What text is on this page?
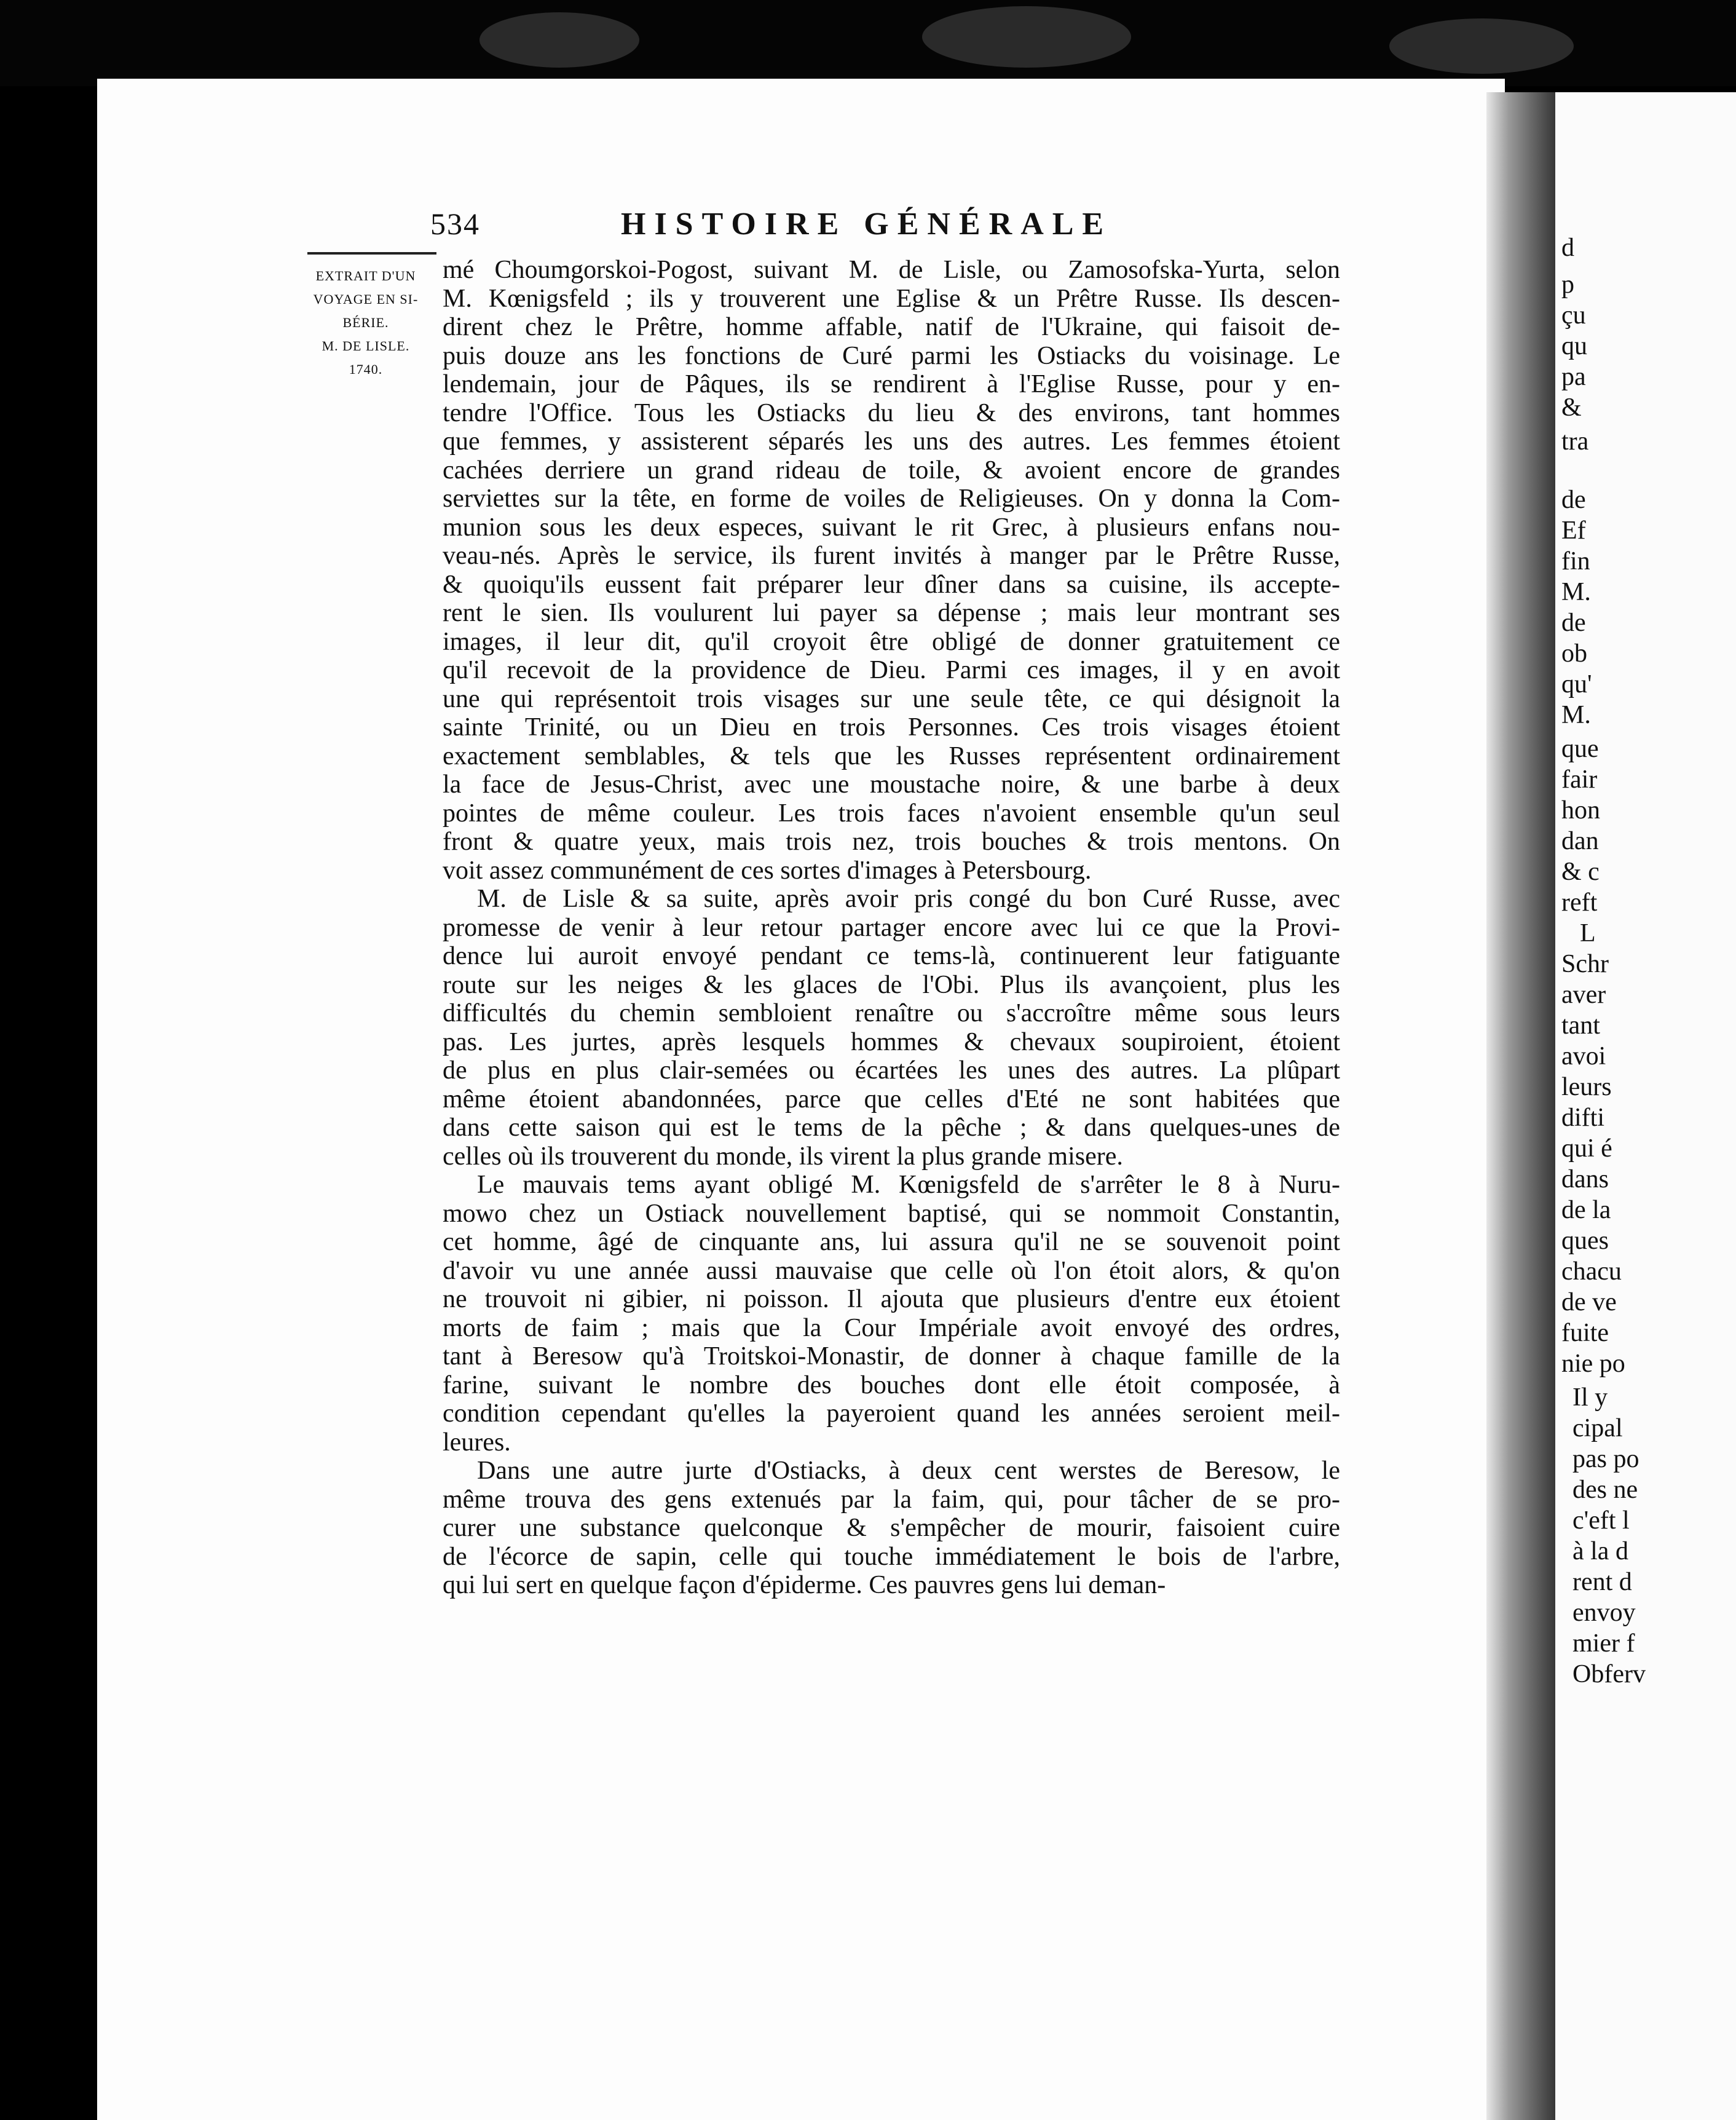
d
p
çu
qu
pa
&
tra
de
Ef
fin
M.
de
ob
qu'
M.
que
fair
hon
dan
& c
reft
L
Schr
aver
tant
avoi
leurs
difti
qui é
dans
de la
ques
chacu
de ve
fuite
nie po
Il y
cipal
pas po
des ne
c'eft l
à la d
rent d
envoy
mier f
Obferv
534	HISTOIRE GÉNÉRALE
EXTRAIT D'UN
VOYAGE EN SI-
BÉRIE.
M. DE LISLE.
1740.
mé Choumgorskoi-Pogost, suivant M. de Lisle, ou Zamosofska-Yurta, selon
M. Kœnigsfeld ; ils y trouverent une Eglise & un Prêtre Russe. Ils descen-
dirent chez le Prêtre, homme affable, natif de l'Ukraine, qui faisoit de-
puis douze ans les fonctions de Curé parmi les Ostiacks du voisinage. Le
lendemain, jour de Pâques, ils se rendirent à l'Eglise Russe, pour y en-
tendre l'Office. Tous les Ostiacks du lieu & des environs, tant hommes
que femmes, y assisterent séparés les uns des autres. Les femmes étoient
cachées derriere un grand rideau de toile, & avoient encore de grandes
serviettes sur la tête, en forme de voiles de Religieuses. On y donna la Com-
munion sous les deux especes, suivant le rit Grec, à plusieurs enfans nou-
veau-nés. Après le service, ils furent invités à manger par le Prêtre Russe,
& quoiqu'ils eussent fait préparer leur dîner dans sa cuisine, ils accepte-
rent le sien. Ils voulurent lui payer sa dépense ; mais leur montrant ses
images, il leur dit, qu'il croyoit être obligé de donner gratuitement ce
qu'il recevoit de la providence de Dieu. Parmi ces images, il y en avoit
une qui représentoit trois visages sur une seule tête, ce qui désignoit la
sainte Trinité, ou un Dieu en trois Personnes. Ces trois visages étoient
exactement semblables, & tels que les Russes représentent ordinairement
la face de Jesus-Christ, avec une moustache noire, & une barbe à deux
pointes de même couleur. Les trois faces n'avoient ensemble qu'un seul
front & quatre yeux, mais trois nez, trois bouches & trois mentons. On
voit assez communément de ces sortes d'images à Petersbourg.
M. de Lisle & sa suite, après avoir pris congé du bon Curé Russe, avec
promesse de venir à leur retour partager encore avec lui ce que la Provi-
dence lui auroit envoyé pendant ce tems-là, continuerent leur fatiguante
route sur les neiges & les glaces de l'Obi. Plus ils avançoient, plus les
difficultés du chemin sembloient renaître ou s'accroître même sous leurs
pas. Les jurtes, après lesquels hommes & chevaux soupiroient, étoient
de plus en plus clair-semées ou écartées les unes des autres. La plûpart
même étoient abandonnées, parce que celles d'Eté ne sont habitées que
dans cette saison qui est le tems de la pêche ; & dans quelques-unes de
celles où ils trouverent du monde, ils virent la plus grande misere.
Le mauvais tems ayant obligé M. Kœnigsfeld de s'arrêter le 8 à Nuru-
mowo chez un Ostiack nouvellement baptisé, qui se nommoit Constantin,
cet homme, âgé de cinquante ans, lui assura qu'il ne se souvenoit point
d'avoir vu une année aussi mauvaise que celle où l'on étoit alors, & qu'on
ne trouvoit ni gibier, ni poisson. Il ajouta que plusieurs d'entre eux étoient
morts de faim ; mais que la Cour Impériale avoit envoyé des ordres,
tant à Beresow qu'à Troitskoi-Monastir, de donner à chaque famille de la
farine, suivant le nombre des bouches dont elle étoit composée, à
condition cependant qu'elles la payeroient quand les années seroient meil-
leures.
Dans une autre jurte d'Ostiacks, à deux cent werstes de Beresow, le
même trouva des gens extenués par la faim, qui, pour tâcher de se pro-
curer une substance quelconque & s'empêcher de mourir, faisoient cuire
de l'écorce de sapin, celle qui touche immédiatement le bois de l'arbre,
qui lui sert en quelque façon d'épiderme. Ces pauvres gens lui deman-
